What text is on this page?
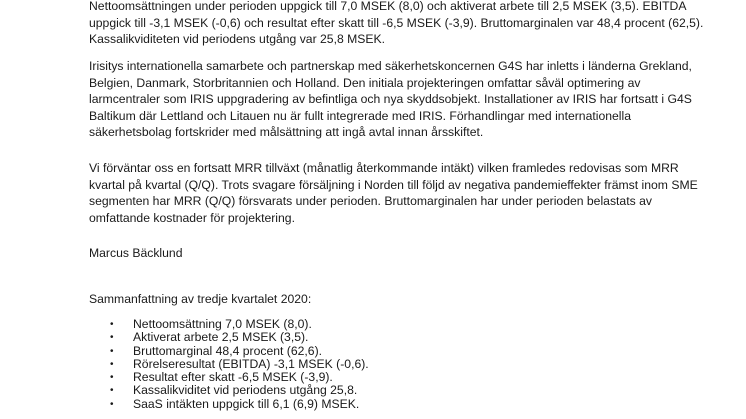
Nettoomsättningen under perioden uppgick till 7,0 MSEK (8,0) och aktiverat arbete till 2,5 MSEK (3,5). EBITDA
uppgick till -3,1 MSEK (-0,6) och resultat efter skatt till -6,5 MSEK (-3,9). Bruttomarginalen var 48,4 procent (62,5).
Kassalikviditeten vid periodens utgång var 25,8 MSEK.

Irisitys internationella samarbete och partnerskap med säkerhetskoncernen G4S har inletts i länderna Grekland,
Belgien, Danmark, Storbritannien och Holland. Den initiala projekteringen omfattar såväl optimering av
larmcentraler som IRIS uppgradering av befintliga och nya skyddsobjekt. Installationer av IRIS har fortsatt i G4S
Baltikum där Lettland och Litauen nu är fullt integrerade med IRIS. Förhandlingar med internationella
säkerhetsbolag fortskrider med målsättning att ingå avtal innan årsskiftet.

Vi förväntar oss en fortsatt MRR tillväxt (månatlig återkommande intäkt) vilken framledes redovisas som MRR
kvartal på kvartal (Q/Q). Trots svagare försäljning i Norden till följd av negativa pandemieffekter främst inom SME
segmenten har MRR (Q/Q) försvarats under perioden. Bruttomarginalen har under perioden belastats av
omfattande kostnader för projektering.

Marcus Bäcklund

Sammanfattning av tredje kvartalet 2020:

• Nettoomsättning 7,0 MSEK (8,0).
• Aktiverat arbete 2,5 MSEK (3,5).
• Bruttomarginal 48,4 procent (62,6).
• Rörelseresultat (EBITDA) -3,1 MSEK (-0,6).
• Resultat efter skatt -6,5 MSEK (-3,9).
• Kassalikviditet vid periodens utgång 25,8.
• SaaS intäkten uppgick till 6,1 (6,9) MSEK.
